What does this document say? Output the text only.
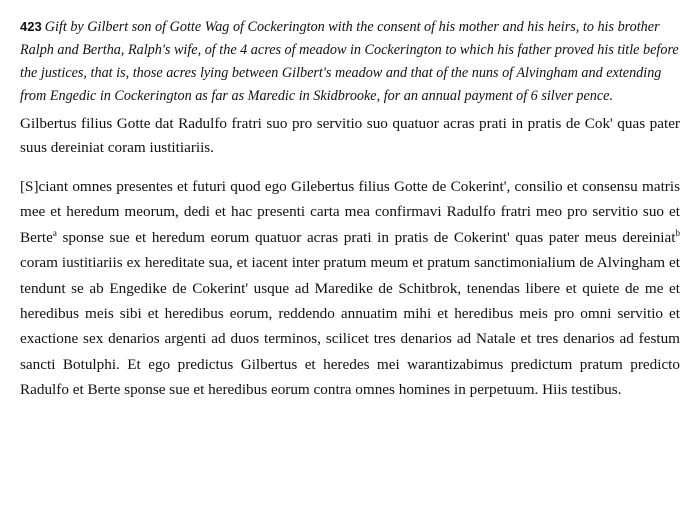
423 Gift by Gilbert son of Gotte Wag of Cockerington with the consent of his mother and his heirs, to his brother Ralph and Bertha, Ralph's wife, of the 4 acres of meadow in Cockerington to which his father proved his title before the justices, that is, those acres lying between Gilbert's meadow and that of the nuns of Alvingham and extending from Engedic in Cockerington as far as Maredic in Skidbrooke, for an annual payment of 6 silver pence.

Gilbertus filius Gotte dat Radulfo fratri suo pro servitio suo quatuor acras prati in pratis de Cok' quas pater suus dereiniat coram iustitiariis.

[S]ciant omnes presentes et futuri quod ego Gilebertus filius Gotte de Cokerint', consilio et consensu matris mee et heredum meorum, dedi et hac presenti carta mea confirmavi Radulfo fratri meo pro servitio suo et Berte$^a$ sponse sue et heredum eorum quatuor acras prati in pratis de Cokerint' quas pater meus dereiniat$^b$ coram iustitiariis ex hereditate sua, et iacent inter pratum meum et pratum sanctimonialium de Alvingham et tendunt se ab Engedike de Cokerint' usque ad Maredike de Schitbrok, tenendas libere et quiete de me et heredibus meis sibi et heredibus eorum, reddendo annuatim mihi et heredibus meis pro omni servitio et exactione sex denarios argenti ad duos terminos, scilicet tres denarios ad Natale et tres denarios ad festum sancti Botulphi. Et ego predictus Gilbertus et heredes mei warantizabimus predictum pratum predicto Radulfo et Berte sponse sue et heredibus eorum contra omnes homines in perpetuum. Hiis testibus.
